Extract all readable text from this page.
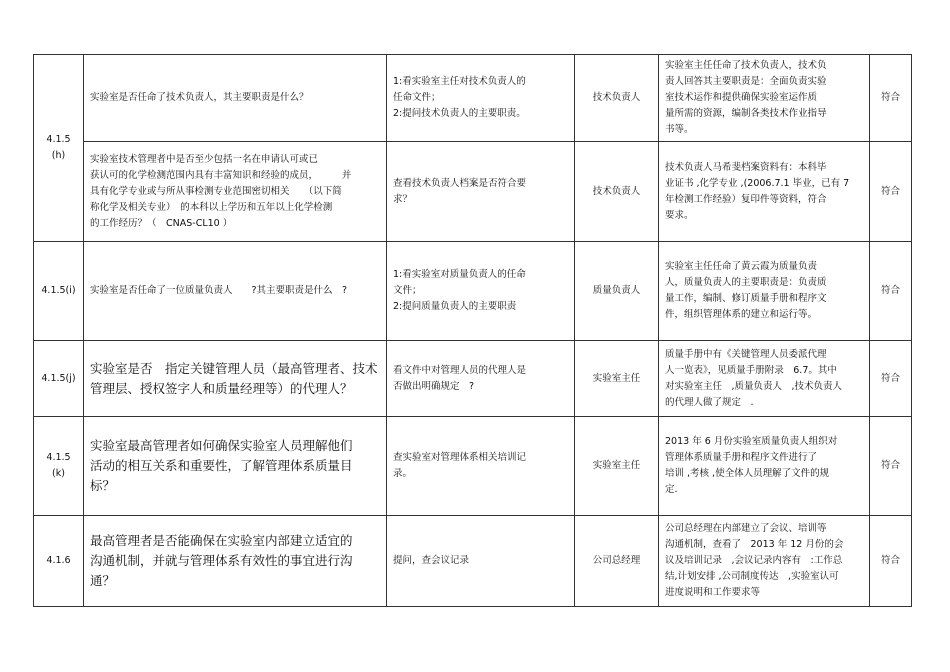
4.1.5(h)	实验室是否任命了技术负责人，其主要职责是什么？	1:看实验室主任对技术负责人的
任命文件；
2:提问技术负责人的主要职责。	技术负责人	实验室主任任命了技术负责人，技术负
责人回答其主要职责是：全面负责实验
室技术运作和提供确保实验室运作质
量所需的资源，编制各类技术作业指导
书等。	符合

	实验室技术管理者中是否至少包括一名在申请认可或已
获认可的化学检测范围内具有丰富知识和经验的成员，　　　并
具有化学专业或与所从事检测专业范围密切相关　　（以下简
称化学及相关专业）　的本科以上学历和五年以上化学检测
的工作经历？（　CNAS-CL10 ）	查看技术负责人档案是否符合要
求？	技术负责人	技术负责人马希斐档案资料有：本科毕
业证书 ,化学专业 ,(2006.7.1 毕业，已有 7
年检测工作经验）复印件等资料，符合
要求。	符合
4.1.5(i)	实验室是否任命了一位质量负责人　　?其主要职责是什么　?	1:看实验室对质量负责人的任命
文件；
2:提问质量负责人的主要职责	质量负责人	实验室主任任命了黄云霞为质量负责
人，质量负责人的主要职责是：负责质
量工作，编制、修订质量手册和程序文
件，组织管理体系的建立和运行等。	符合
4.1.5(j)	实验室是否　指定关键管理人员（最高管理者、技术
管理层、授权签字人和质量经理等）的代理人？	看文件中对管理人员的代理人是
否做出明确规定　?	实验室主任	质量手册中有《关键管理人员委派代理
人一览表》，见质量手册附录　6.7。其中
对实验室主任　,质量负责人　,技术负责人
的代理人做了规定　.	符合
4.1.5(k)	实验室最高管理者如何确保实验室人员理解他们
活动的相互关系和重要性，了解管理体系质量目
标？	查实验室对管理体系相关培训记
录。	实验室主任	2013 年 6 月份实验室质量负责人组织对
管理体系质量手册和程序文件进行了
培训 ,考核 ,使全体人员理解了文件的规
定.	符合
4.1.6	最高管理者是否能确保在实验室内部建立适宜的
沟通机制，并就与管理体系有效性的事宜进行沟
通？	提问，查会议记录	公司总经理	公司总经理在内部建立了会议、培训等
沟通机制，查看了　2013 年 12 月份的会
议及培训记录　,会议记录内容有　:工作总
结,计划安排 ,公司制度传达　,实验室认可
进度说明和工作要求等	符合
